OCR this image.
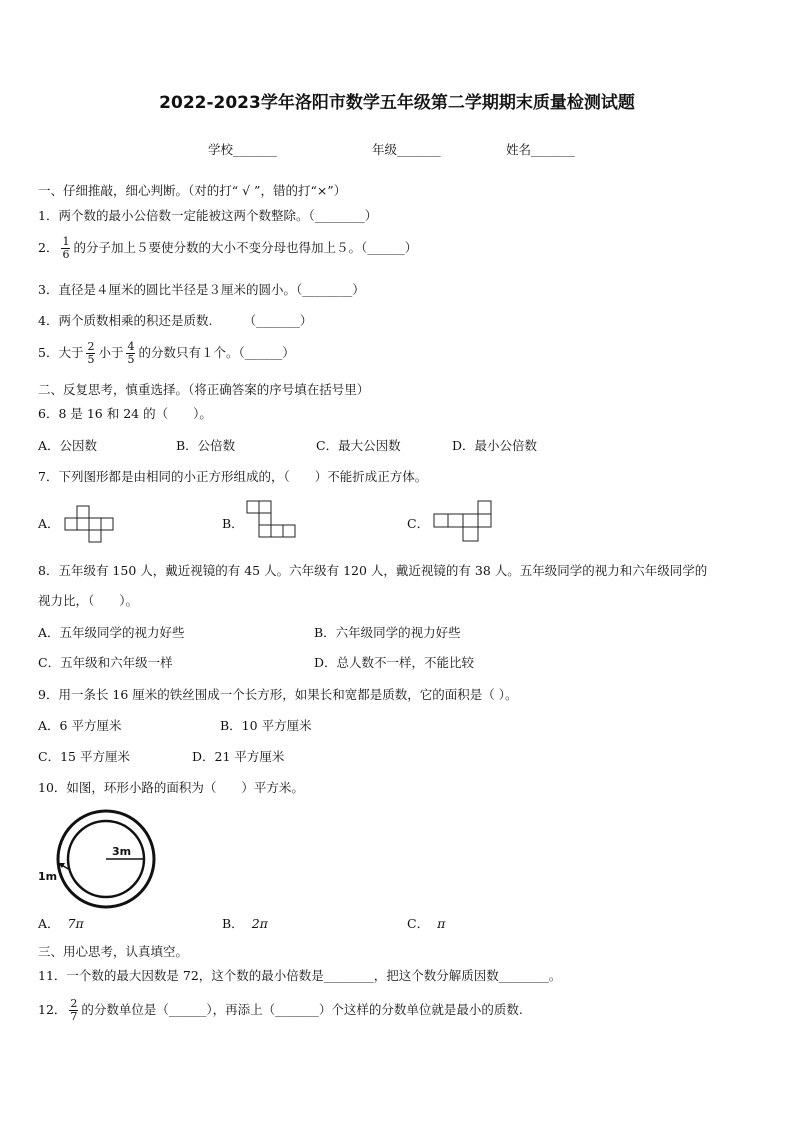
2022-2023学年洛阳市数学五年级第二学期期末质量检测试题
学校_______	年级_______	姓名_______
一、仔细推敲，细心判断。（对的打“ √ ”，错的打“×”）
1．两个数的最小公倍数一定能被这两个数整除。（________）
2． $\frac{1}{6}$ 的分子加上５要使分数的大小不变分母也得加上５。（______）
3．直径是４厘米的圆比半径是３厘米的圆小。（________）
4．两个质数相乘的积还是质数.　　　（_______）
5．大于 $\frac{2}{5}$ 小于 $\frac{4}{5}$ 的分数只有１个。（______）
二、反复思考，慎重选择。（将正确答案的序号填在括号里）
6．8 是 16 和 24 的（　　）。
A．公因数	B．公倍数	C．最大公因数	D．最小公倍数
7．下列图形都是由相同的小正方形组成的，（　　）不能折成正方体。
A．	B．	C．
8．五年级有 150 人，戴近视镜的有 45 人。六年级有 120 人，戴近视镜的有 38 人。五年级同学的视力和六年级同学的
视力比，（　　）。
A．五年级同学的视力好些	B．六年级同学的视力好些
C．五年级和六年级一样	D．总人数不一样，不能比较
9．用一条长 16 厘米的铁丝围成一个长方形，如果长和宽都是质数，它的面积是（ ）。
A．6 平方厘米	B．10 平方厘米
C．15 平方厘米	D．21 平方厘米
10．如图，环形小路的面积为（　　）平方米。
3m
1m
A． 7π	B． 2π	C． π
三、用心思考，认真填空。
11．一个数的最大因数是 72，这个数的最小倍数是________，把这个数分解质因数________。
12． $\frac{2}{7}$ 的分数单位是（______），再添上（_______）个这样的分数单位就是最小的质数.
